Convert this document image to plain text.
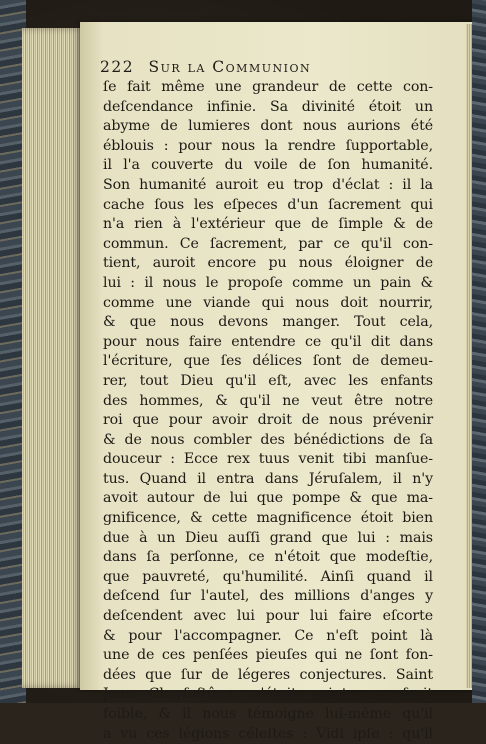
222 Sur la Communion
ſe fait même une grandeur de cette con-
deſcendance infinie. Sa divinité étoit un
abyme de lumieres dont nous aurions été
éblouis : pour nous la rendre ſupportable,
il l'a couverte du voile de ſon humanité.
Son humanité auroit eu trop d'éclat : il la
cache ſous les eſpeces d'un ſacrement qui
n'a rien à l'extérieur que de ſimple & de
commun. Ce ſacrement, par ce qu'il con-
tient, auroit encore pu nous éloigner de
lui : il nous le propoſe comme un pain &
comme une viande qui nous doit nourrir,
& que nous devons manger. Tout cela,
pour nous faire entendre ce qu'il dit dans
l'écriture, que ſes délices ſont de demeu-
rer, tout Dieu qu'il eſt, avec les enfants
des hommes, & qu'il ne veut être notre
roi que pour avoir droit de nous prévenir
& de nous combler des bénédictions de ſa
douceur : Ecce rex tuus venit tibi manſue-
tus. Quand il entra dans Jéruſalem, il n'y
avoit autour de lui que pompe & que ma-
gnificence, & cette magnificence étoit bien
due à un Dieu auſſi grand que lui : mais
dans ſa perſonne, ce n'étoit que modeſtie,
que pauvreté, qu'humilité. Ainſi quand il
deſcend ſur l'autel, des millions d'anges y
deſcendent avec lui pour lui faire eſcorte
& pour l'accompagner. Ce n'eſt point là
une de ces penſées pieuſes qui ne ſont fon-
dées que ſur de légeres conjectures. Saint
Jean Chryſoſtôme n'étoit point un eſprit
foible, & il nous témoigne lui-même qu'il
a vu ces légions céleſtes : Vidi ipſe : qu'il
